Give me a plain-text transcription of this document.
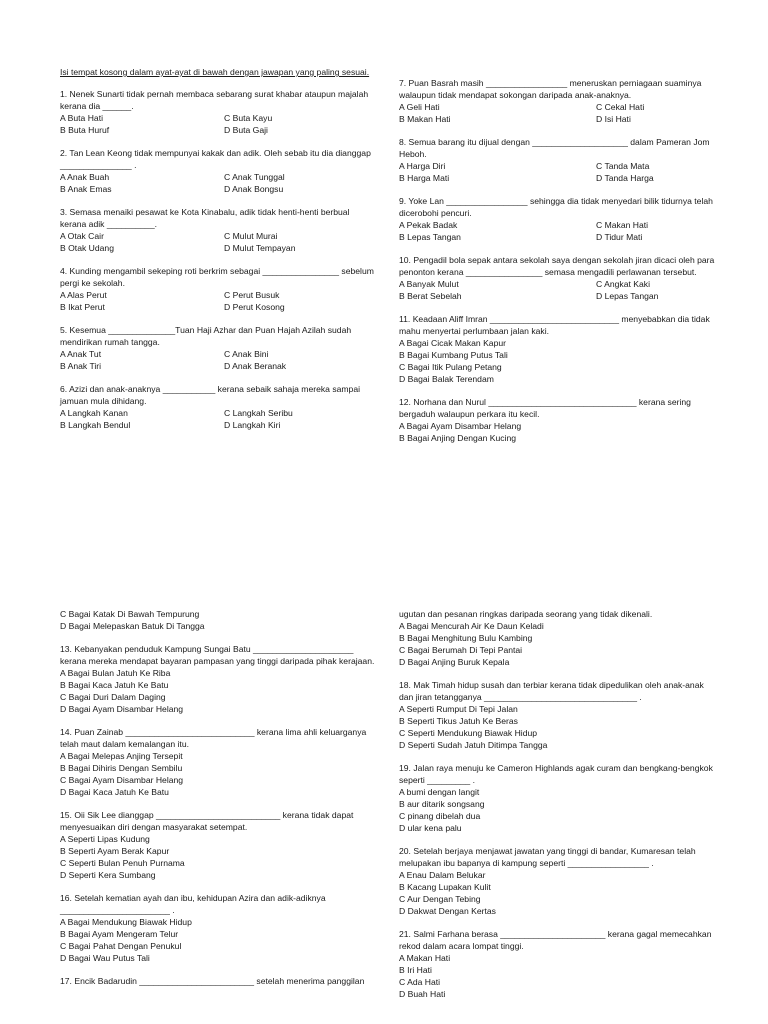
Isi tempat kosong dalam ayat-ayat di bawah dengan jawapan yang paling sesuai.
1. Nenek Sunarti tidak pernah membaca sebarang surat khabar ataupun majalah  kerana dia ______.
A Buta Hati	C Buta Kayu
B Buta Huruf	D Buta Gaji
2. Tan Lean Keong tidak mempunyai kakak dan adik. Oleh sebab itu dia dianggap _______________ .
A Anak Buah	C Anak Tunggal
B Anak Emas	D Anak Bongsu
3. Semasa menaiki pesawat ke Kota Kinabalu, adik tidak henti-henti berbual kerana adik __________.
A Otak Cair	C Mulut Murai
B Otak Udang	D Mulut Tempayan
4. Kunding mengambil sekeping roti berkrim sebagai ________________ sebelum pergi ke sekolah.
A Alas Perut	C Perut Busuk
B Ikat Perut	D Perut Kosong
5. Kesemua ______________Tuan Haji Azhar dan Puan Hajah Azilah sudah mendirikan rumah tangga.
A Anak Tut	C Anak Bini
B Anak Tiri	D Anak Beranak
6. Azizi dan anak-anaknya ___________ kerana sebaik sahaja mereka sampai jamuan mula dihidang.
A Langkah Kanan	C Langkah Seribu
B Langkah Bendul	D Langkah Kiri
7. Puan Basrah masih _________________ meneruskan perniagaan suaminya walaupun tidak mendapat sokongan daripada anak-anaknya.
A Geli Hati	C Cekal Hati
B Makan Hati	D Isi Hati
8. Semua barang itu dijual dengan ____________________ dalam Pameran Jom Heboh.
A Harga Diri	C Tanda Mata
B Harga Mati	D Tanda Harga
9. Yoke Lan _________________ sehingga dia tidak menyedari bilik tidurnya telah dicerobohi pencuri.
A Pekak Badak	C Makan Hati
B Lepas Tangan	D Tidur Mati
10. Pengadil bola sepak antara sekolah saya dengan sekolah jiran dicaci oleh para penonton kerana ________________ semasa mengadili perlawanan tersebut.
A Banyak Mulut	C Angkat Kaki
B Berat Sebelah	D Lepas Tangan
11. Keadaan Aliff Imran ___________________________ menyebabkan dia tidak mahu menyertai perlumbaan jalan kaki.
A Bagai Cicak Makan Kapur
B Bagai Kumbang Putus Tali
C Bagai Itik Pulang Petang
D Bagai Balak Terendam
12. Norhana dan Nurul _______________________________ kerana sering bergaduh walaupun perkara itu kecil.
A Bagai Ayam Disambar Helang
B Bagai Anjing Dengan Kucing
C Bagai Katak Di Bawah Tempurung
D Bagai Melepaskan Batuk Di Tangga
13. Kebanyakan penduduk Kampung Sungai Batu _____________________ kerana mereka mendapat bayaran pampasan yang tinggi daripada pihak kerajaan.
A Bagai Bulan Jatuh Ke Riba
B Bagai Kaca Jatuh Ke Batu
C Bagai Duri Dalam Daging
D Bagai Ayam Disambar Helang
14. Puan Zainab ___________________________ kerana lima ahli keluarganya telah maut dalam kemalangan itu.
A Bagai Melepas Anjing Tersepit
B Bagai Dihiris Dengan Sembilu
C Bagai Ayam Disambar Helang
D Bagai Kaca Jatuh Ke Batu
15. Oii Sik Lee dianggap __________________________ kerana tidak dapat menyesuaikan diri dengan masyarakat setempat.
A Seperti Lipas Kudung
B Seperti Ayam Berak Kapur
C Seperti Bulan Penuh Purnama
D Seperti Kera Sumbang
16. Setelah kematian ayah dan ibu, kehidupan Azira dan adik-adiknya _______________________ .
A Bagai Mendukung Biawak Hidup
B Bagai Ayam Mengeram Telur
C Bagai Pahat Dengan Penukul
D Bagai Wau Putus Tali
17. Encik Badarudin ________________________ setelah menerima panggilan
ugutan dan pesanan ringkas daripada seorang yang tidak dikenali.
A Bagai Mencurah Air Ke Daun Keladi
B Bagai Menghitung Bulu Kambing
C Bagai Berumah Di Tepi Pantai
D Bagai Anjing Buruk Kepala
18. Mak Timah hidup susah dan terbiar kerana tidak dipedulikan oleh anak-anak dan jiran tetangganya ________________________________ .
A Seperti Rumput Di Tepi Jalan
B Seperti Tikus Jatuh Ke Beras
C Seperti Mendukung Biawak Hidup
D Seperti Sudah Jatuh Ditimpa Tangga
19. Jalan raya menuju ke Cameron Highlands agak curam dan bengkang-bengkok seperti _________ .
A bumi dengan langit
B aur ditarik songsang
C pinang dibelah dua
D ular kena palu
20. Setelah berjaya menjawat jawatan yang tinggi di bandar, Kumaresan telah melupakan ibu bapanya di kampung seperti _________________ .
A Enau Dalam Belukar
B Kacang Lupakan Kulit
C Aur Dengan Tebing
D Dakwat Dengan Kertas
21. Salmi Farhana berasa ______________________ kerana gagal memecahkan rekod dalam acara lompat tinggi.
A Makan Hati
B Iri Hati
C Ada Hati
D Buah Hati
